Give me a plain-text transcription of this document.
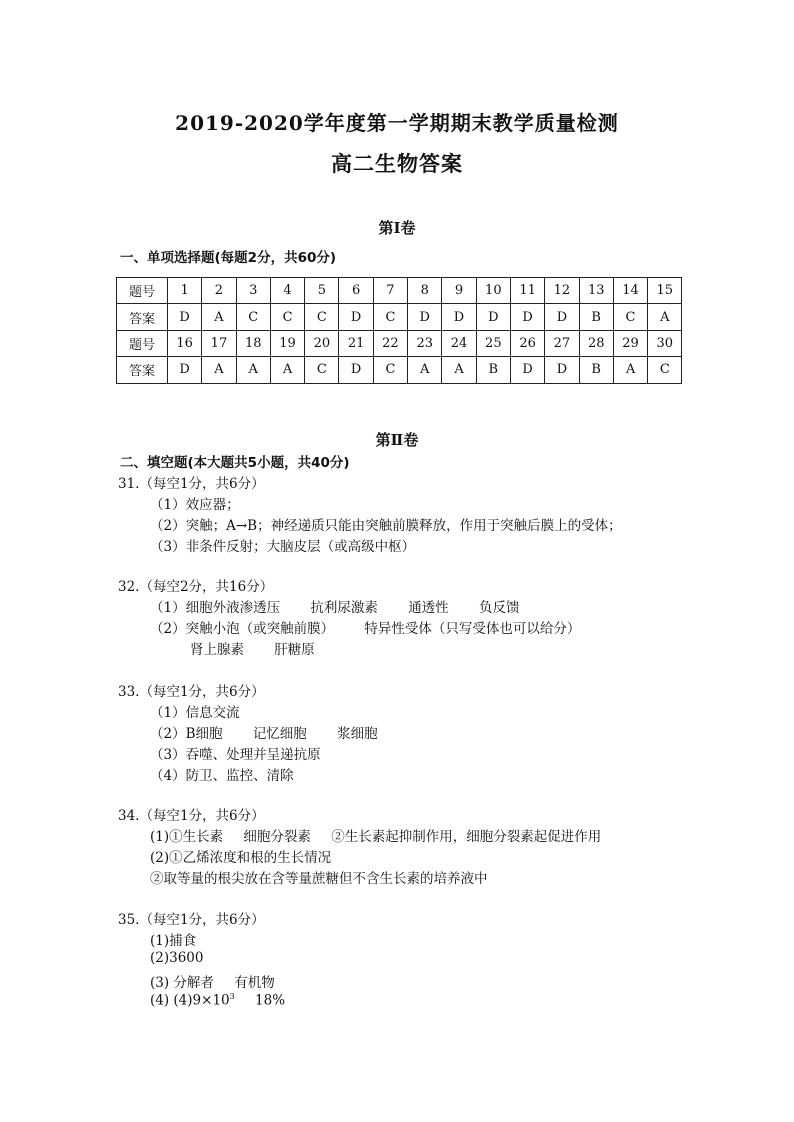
2019-2020学年度第一学期期末教学质量检测
高二生物答案
第Ⅰ卷
一、单项选择题(每题2分，共60分)
题号	1	2	3	4	5	6	7	8	9	10	11	12	13	14	15
答案	D	A	C	C	C	D	C	D	D	D	D	D	B	C	A
题号	16	17	18	19	20	21	22	23	24	25	26	27	28	29	30
答案	D	A	A	A	C	D	C	A	A	B	D	D	B	A	C
第Ⅱ卷
二、填空题(本大题共5小题，共40分)
31.（每空1分，共6分）
（1）效应器；
（2）突触；A→B；神经递质只能由突触前膜释放，作用于突触后膜上的受体；
（3）非条件反射；大脑皮层（或高级中枢）
32.（每空2分，共16分）
（1）细胞外液渗透压 抗利尿激素 通透性 负反馈
（2）突触小泡（或突触前膜） 特异性受体（只写受体也可以给分）
肾上腺素 肝糖原
33.（每空1分，共6分）
（1）信息交流
（2）B细胞 记忆细胞 浆细胞
（3）吞噬、处理并呈递抗原
（4）防卫、监控、清除
34.（每空1分，共6分）
(1)①生长素 细胞分裂素 ②生长素起抑制作用，细胞分裂素起促进作用
(2)①乙烯浓度和根的生长情况
②取等量的根尖放在含等量蔗糖但不含生长素的培养液中
35.（每空1分，共6分）
(1)捕食
(2)3600
(3) 分解者 有机物
(4) $(4)9\times 10^3$ 18%
